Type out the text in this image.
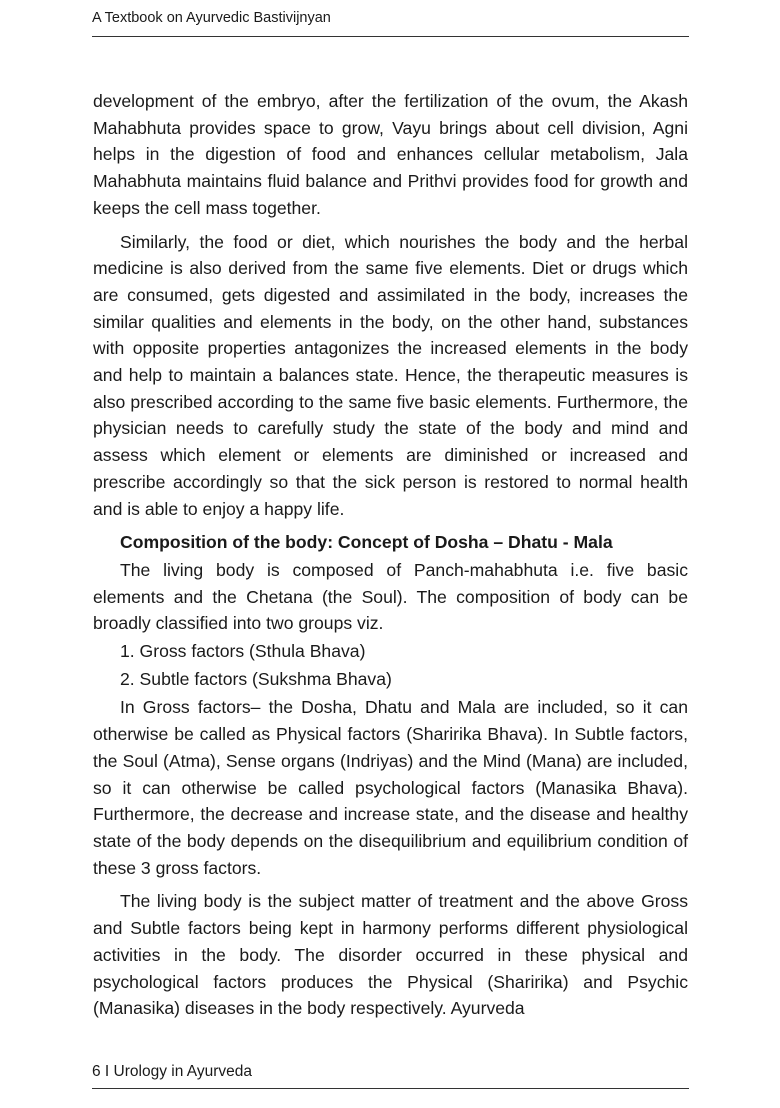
A Textbook on Ayurvedic Bastivijnyan

development of the embryo, after the fertilization of the ovum, the Akash Mahabhuta provides space to grow, Vayu brings about cell division, Agni helps in the digestion of food and enhances cellular metabolism, Jala Mahabhuta maintains fluid balance and Prithvi provides food for growth and keeps the cell mass together.

Similarly, the food or diet, which nourishes the body and the herbal medicine is also derived from the same five elements. Diet or drugs which are consumed, gets digested and assimilated in the body, increases the similar qualities and elements in the body, on the other hand, substances with opposite properties antagonizes the increased elements in the body and help to maintain a balances state. Hence, the therapeutic measures is also prescribed according to the same five basic elements. Furthermore, the physician needs to carefully study the state of the body and mind and assess which element or elements are diminished or increased and prescribe accordingly so that the sick person is restored to normal health and is able to enjoy a happy life.

Composition of the body: Concept of Dosha – Dhatu - Mala

The living body is composed of Panch-mahabhuta i.e. five basic elements and the Chetana (the Soul). The composition of body can be broadly classified into two groups viz.

1. Gross factors (Sthula Bhava)
2. Subtle factors (Sukshma Bhava)

In Gross factors– the Dosha, Dhatu and Mala are included, so it can otherwise be called as Physical factors (Sharirika Bhava). In Subtle factors, the Soul (Atma), Sense organs (Indriyas) and the Mind (Mana) are included, so it can otherwise be called psychological factors (Manasika Bhava). Furthermore, the decrease and increase state, and the disease and healthy state of the body depends on the disequilibrium and equilibrium condition of these 3 gross factors.

The living body is the subject matter of treatment and the above Gross and Subtle factors being kept in harmony performs different physiological activities in the body. The disorder occurred in these physical and psychological factors produces the Physical (Sharirika) and Psychic (Manasika) diseases in the body respectively. Ayurveda

6 I Urology in Ayurveda
